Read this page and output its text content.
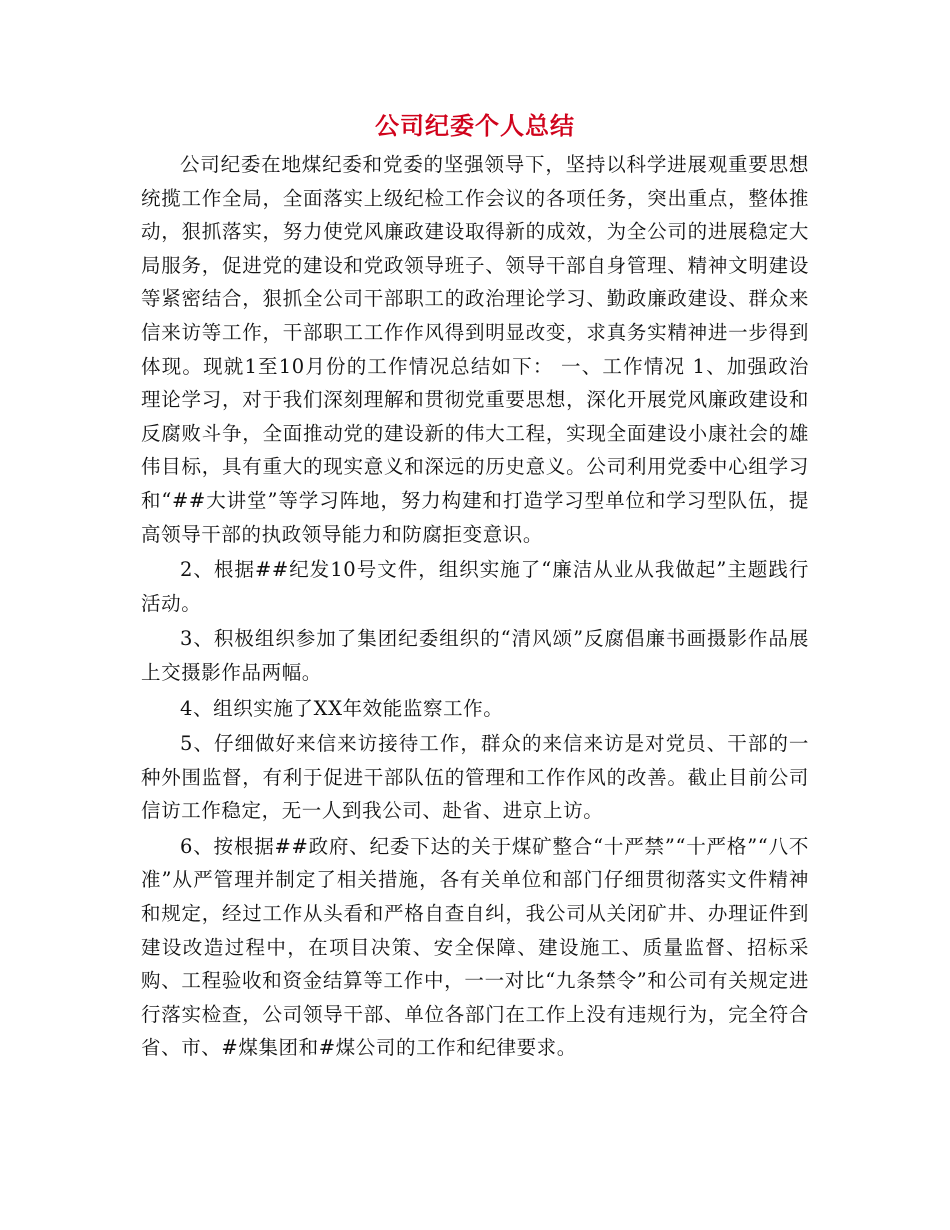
公司纪委个人总结

公司纪委在地煤纪委和党委的坚强领导下，坚持以科学进展观重要思想统揽工作全局，全面落实上级纪检工作会议的各项任务，突出重点，整体推动，狠抓落实，努力使党风廉政建设取得新的成效，为全公司的进展稳定大局服务，促进党的建设和党政领导班子、领导干部自身管理、精神文明建设等紧密结合，狠抓全公司干部职工的政治理论学习、勤政廉政建设、群众来信来访等工作，干部职工工作作风得到明显改变，求真务实精神进一步得到体现。现就1至10月份的工作情况总结如下： 一、工作情况 1、加强政治理论学习，对于我们深刻理解和贯彻党重要思想，深化开展党风廉政建设和反腐败斗争，全面推动党的建设新的伟大工程，实现全面建设小康社会的雄伟目标，具有重大的现实意义和深远的历史意义。公司利用党委中心组学习和“##大讲堂”等学习阵地，努力构建和打造学习型单位和学习型队伍，提高领导干部的执政领导能力和防腐拒变意识。

2、根据##纪发10号文件，组织实施了“廉洁从业从我做起”主题践行活动。

3、积极组织参加了集团纪委组织的“清风颂”反腐倡廉书画摄影作品展上交摄影作品两幅。

4、组织实施了XX年效能监察工作。

5、仔细做好来信来访接待工作，群众的来信来访是对党员、干部的一种外围监督，有利于促进干部队伍的管理和工作作风的改善。截止目前公司信访工作稳定，无一人到我公司、赴省、进京上访。

6、按根据##政府、纪委下达的关于煤矿整合“十严禁”“十严格”“八不准”从严管理并制定了相关措施，各有关单位和部门仔细贯彻落实文件精神和规定，经过工作从头看和严格自查自纠，我公司从关闭矿井、办理证件到建设改造过程中，在项目决策、安全保障、建设施工、质量监督、招标采购、工程验收和资金结算等工作中，一一对比“九条禁令”和公司有关规定进行落实检查，公司领导干部、单位各部门在工作上没有违规行为，完全符合省、市、#煤集团和#煤公司的工作和纪律要求。
